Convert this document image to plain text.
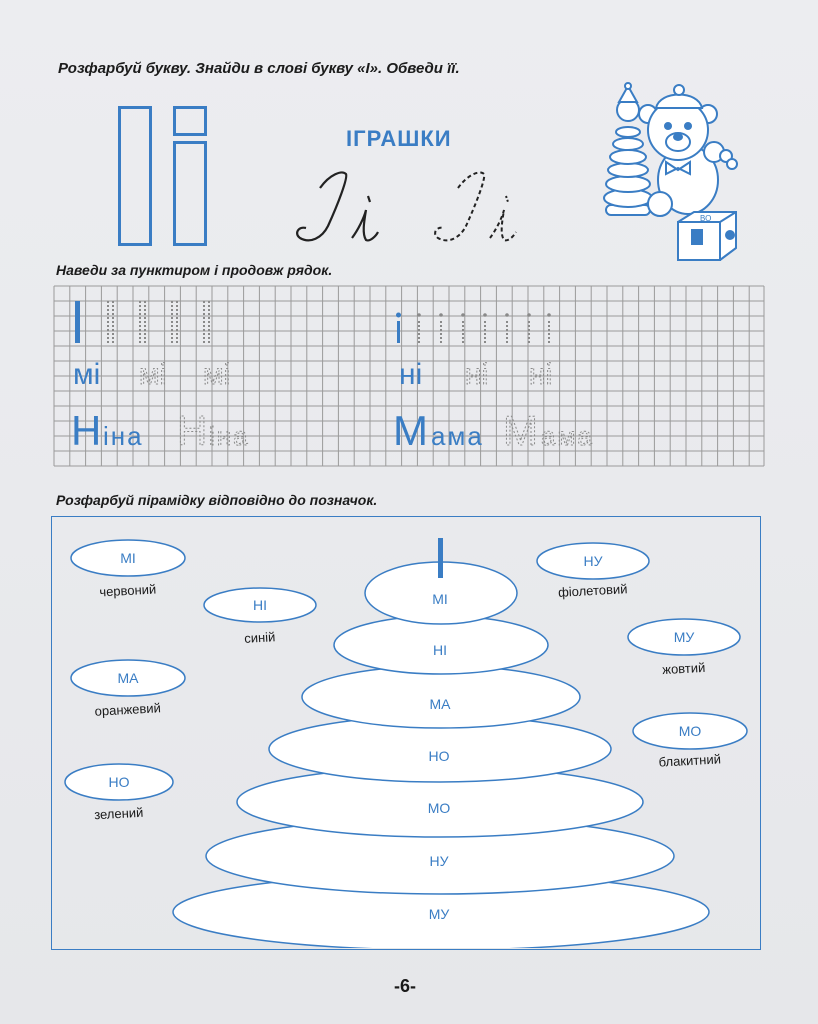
Розфарбуй букву. Знайди в слові букву «І». Обведи її.
ІГРАШКИ
ВО
Наведи за пунктиром і продовж рядок.
мі мі мі	ні ні ні
Н іна Н іна	М ама М ама
Розфарбуй пірамідку відповідно до позначок.
МІ
червоний
НІ
синій
МА
оранжевий
НО
зелений
НУ
фіолетовий
МУ
жовтий
МО
блакитний
МУ
НУ
МО
НО
МА
НІ
МІ
-6-
